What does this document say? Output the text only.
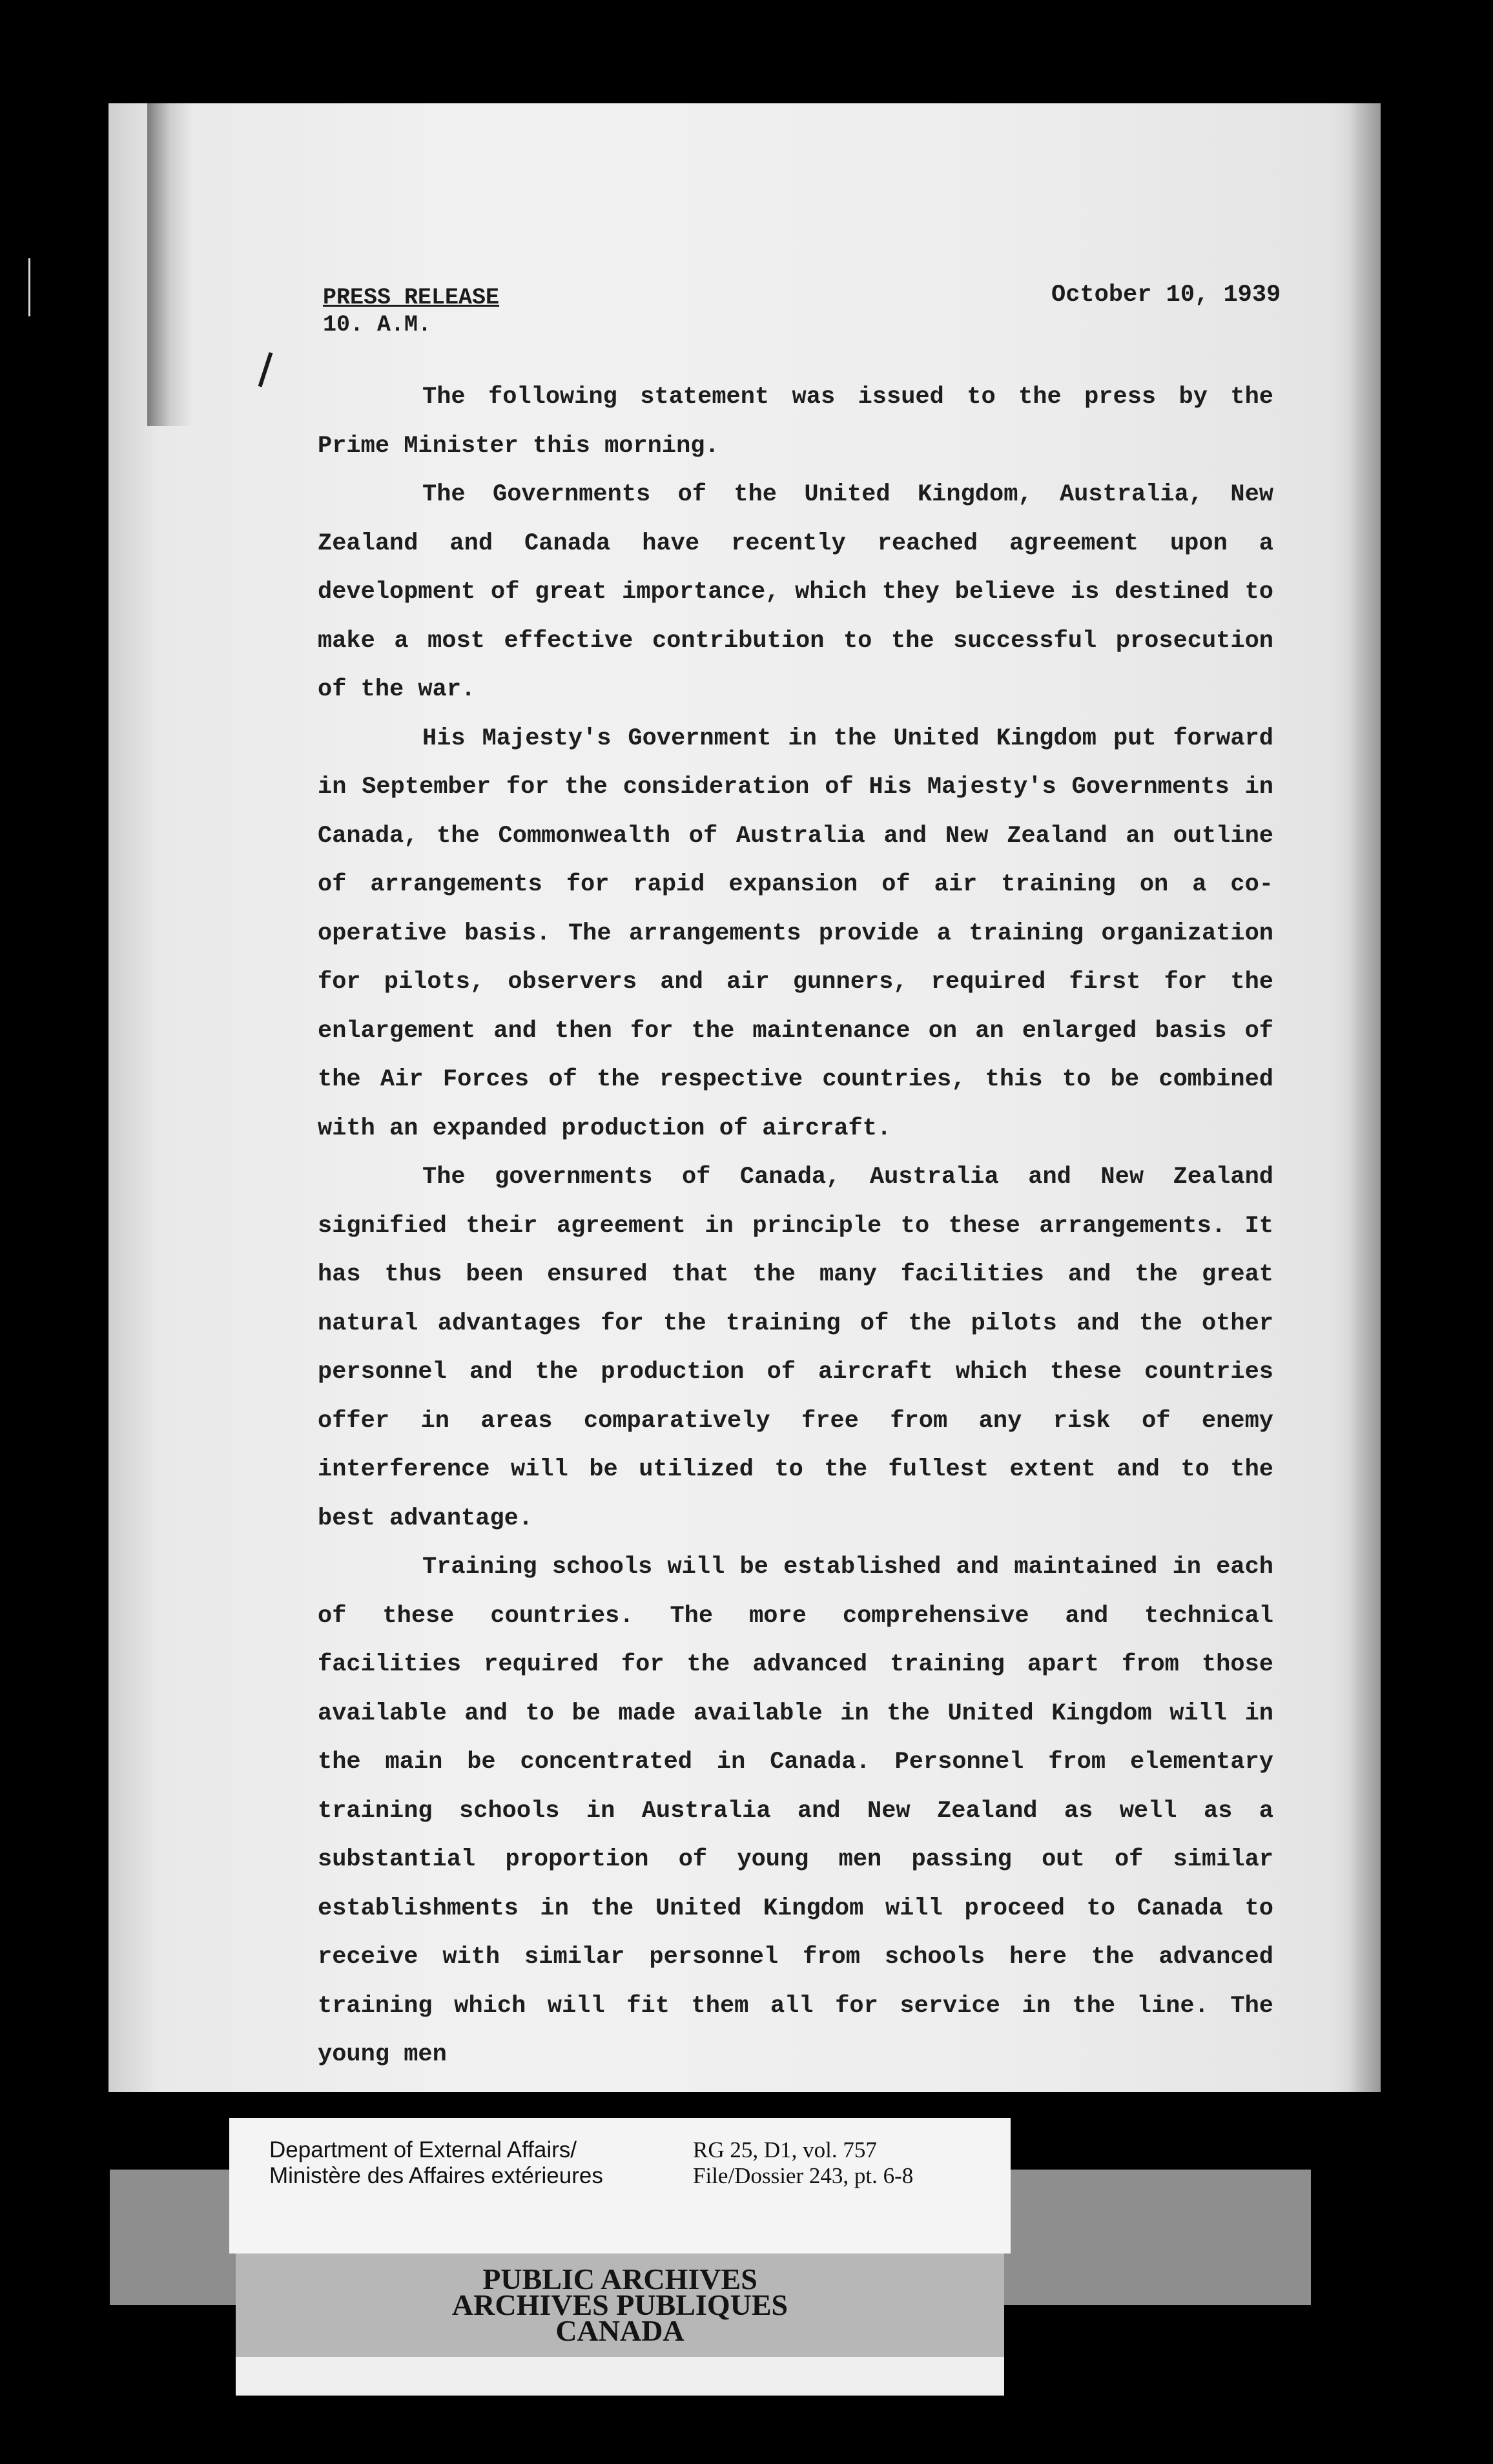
PRESS RELEASE
10. A.M.
October 10, 1939

The following statement was issued to the press by the Prime Minister this morning.

The Governments of the United Kingdom, Australia, New Zealand and Canada have recently reached agreement upon a development of great importance, which they believe is destined to make a most effective contribution to the successful prosecution of the war.

His Majesty's Government in the United Kingdom put forward in September for the consideration of His Majesty's Governments in Canada, the Commonwealth of Australia and New Zealand an outline of arrangements for rapid expansion of air training on a co-operative basis. The arrangements provide a training organization for pilots, observers and air gunners, required first for the enlargement and then for the maintenance on an enlarged basis of the Air Forces of the respective countries, this to be combined with an expanded production of aircraft.

The governments of Canada, Australia and New Zealand signified their agreement in principle to these arrangements. It has thus been ensured that the many facilities and the great natural advantages for the training of the pilots and the other personnel and the production of aircraft which these countries offer in areas comparatively free from any risk of enemy interference will be utilized to the fullest extent and to the best advantage.

Training schools will be established and maintained in each of these countries. The more comprehensive and technical facilities required for the advanced training apart from those available and to be made available in the United Kingdom will in the main be concentrated in Canada. Personnel from elementary training schools in Australia and New Zealand as well as a substantial proportion of young men passing out of similar establishments in the United Kingdom will proceed to Canada to receive with similar personnel from schools here the advanced training which will fit them all for service in the line. The young men

Department of External Affairs/
Ministère des Affaires extérieures
RG 25, D1, vol. 757
File/Dossier 243, pt. 6-8
PUBLIC ARCHIVES
ARCHIVES PUBLIQUES
CANADA
